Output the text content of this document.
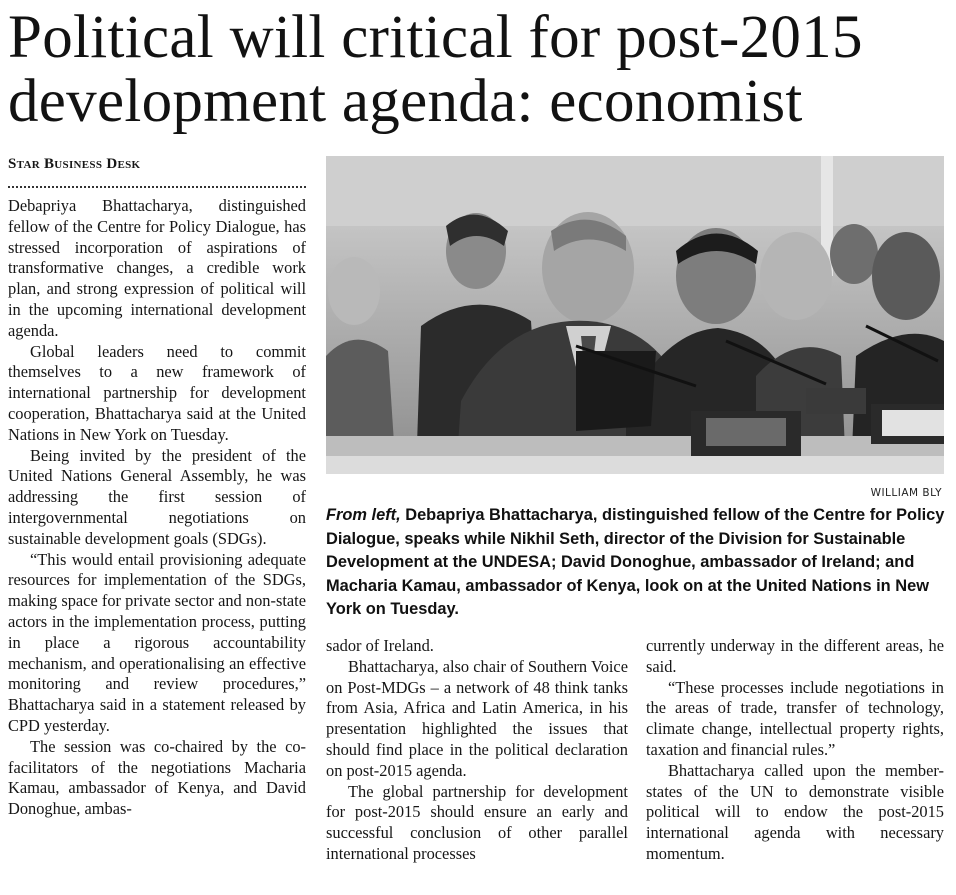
Political will critical for post-2015
development agenda: economist
Star Business Desk

Debapriya Bhattacharya, distinguished fellow of the Centre for Policy Dialogue, has stressed incorporation of aspirations of transformative changes, a credible work plan, and strong expression of political will in the upcoming international development agenda.

Global leaders need to commit themselves to a new framework of international partnership for development cooperation, Bhattacharya said at the United Nations in New York on Tuesday.

Being invited by the president of the United Nations General Assembly, he was addressing the first session of intergovernmental negotiations on sustainable development goals (SDGs).

“This would entail provisioning adequate resources for implementation of the SDGs, making space for private sector and non-state actors in the implementation process, putting in place a rigorous accountability mechanism, and operationalising an effective monitoring and review procedures,” Bhattacharya said in a statement released by CPD yesterday.

The session was co-chaired by the co-facilitators of the negotiations Macharia Kamau, ambassador of Kenya, and David Donoghue, ambas-

WILLIAM BLY
From left, Debapriya Bhattacharya, distinguished fellow of the Centre for Policy Dialogue, speaks while Nikhil Seth, director of the Division for Sustainable Development at the UNDESA; David Donoghue, ambassador of Ireland; and Macharia Kamau, ambassador of Kenya, look on at the United Nations in New York on Tuesday.

sador of Ireland.

Bhattacharya, also chair of Southern Voice on Post-MDGs – a network of 48 think tanks from Asia, Africa and Latin America, in his presentation highlighted the issues that should find place in the political declaration on post-2015 agenda.

The global partnership for development for post-2015 should ensure an early and successful conclusion of other parallel international processes

currently underway in the different areas, he said.

“These processes include negotiations in the areas of trade, transfer of technology, climate change, intellectual property rights, taxation and financial rules.”

Bhattacharya called upon the member-states of the UN to demonstrate visible political will to endow the post-2015 international agenda with necessary momentum.
